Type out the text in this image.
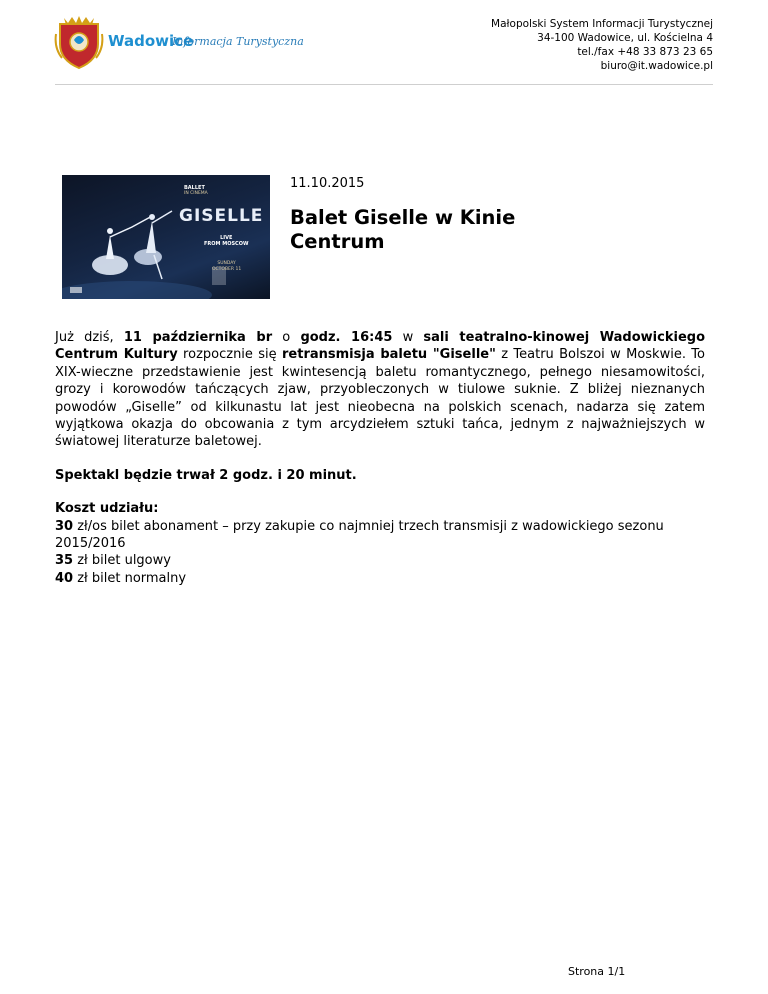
Wadowice
Informacja Turystyczna
Małopolski System Informacji Turystycznej
34-100 Wadowice, ul. Kościelna 4
tel./fax +48 33 873 23 65
biuro@it.wadowice.pl
BALLET
IN CINEMA
GISELLE
LIVE
FROM MOSCOW
SUNDAY
OCTOBER 11
11.10.2015
Balet Giselle w Kinie Centrum

Już dziś, 11 października br o godz. 16:45 w sali teatralno-kinowej Wadowickiego Centrum Kultury rozpocznie się retransmisja baletu "Giselle" z Teatru Bolszoi w Moskwie. To XIX-wieczne przedstawienie jest kwintesencją baletu romantycznego, pełnego niesamowitości, grozy i korowodów tańczących zjaw, przyobleczonych w tiulowe suknie. Z bliżej nieznanych powodów „Giselle” od kilkunastu lat jest nieobecna na polskich scenach, nadarza się zatem wyjątkowa okazja do obcowania z tym arcydziełem sztuki tańca, jednym z najważniejszych w światowej literaturze baletowej.

Spektakl będzie trwał 2 godz. i 20 minut.

Koszt udziału:
30 zł/os bilet abonament – przy zakupie co najmniej trzech transmisji z wadowickiego sezonu 2015/2016
35 zł bilet ulgowy
40 zł bilet normalny

Strona 1/1
